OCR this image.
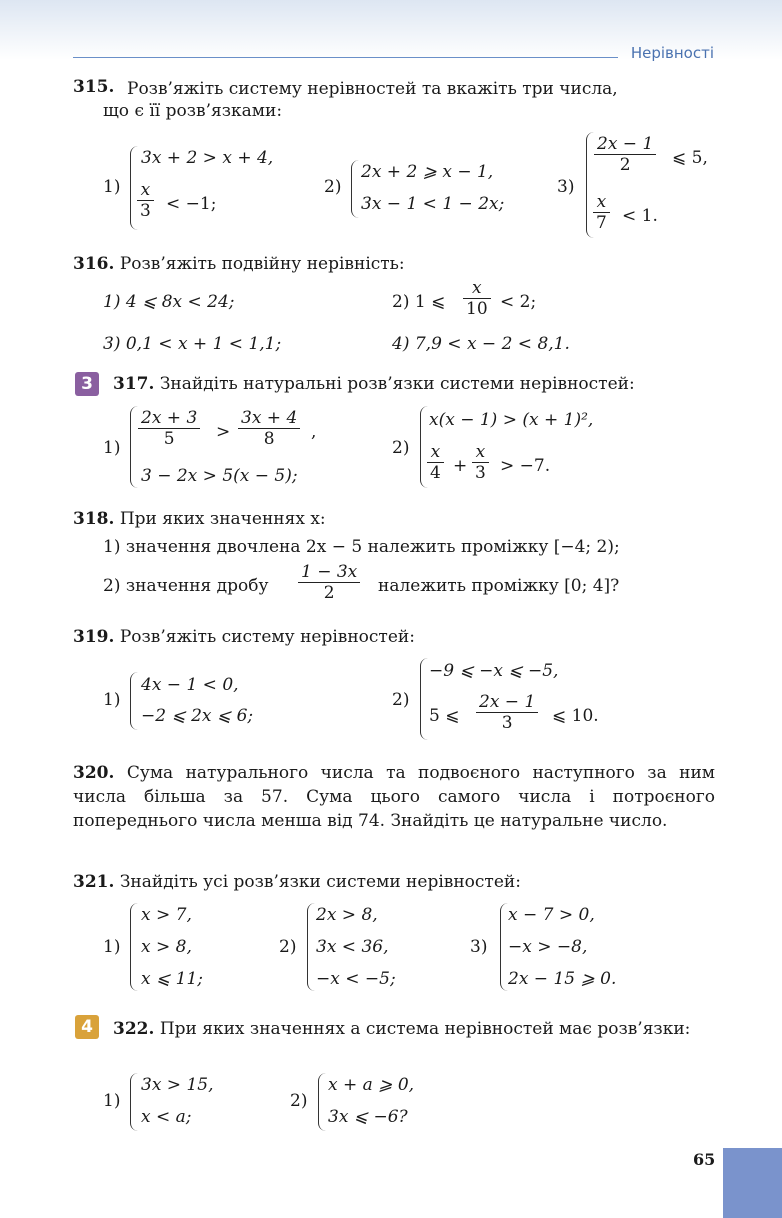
Нерівності
315. Розв’яжіть систему нерівностей та вкажіть три числа,

що є її розв’язками:
1)
3x + 2 > x + 4,
$\frac{x}{3} < -1$;
2)
2x + 2 ⩾ x − 1,
3x − 1 < 1 − 2x;
3)
$\frac{2x - 1}{2}$ ⩽ 5,
$\frac{x}{7} < 1$.
316. Розв’яжіть подвійну нерівність:
1) 4 ⩽ 8x < 24;	2) 1 ⩽ $\frac{x}{10} < 2$;
3) 0,1 < x + 1 < 1,1;	4) 7,9 < x − 2 < 8,1.
3	317. Знайдіть натуральні розв’язки системи нерівностей:
$1) \frac{2x + 3}{5} > \frac{3x + 4}{8}$ ,
3 − 2x > 5(x − 5);
2)
x(x − 1) > (x + 1)²,
$\frac{x}{4} + \frac{x}{3} > -7$.
318. При яких значеннях x:
1) значення двочлена 2x − 5 належить проміжку [−4; 2);
2) значення дробу $\frac{1 - 3x}{2}$ належить проміжку [0; 4]?
319. Розв’яжіть систему нерівностей:
1)
4x − 1 < 0,
−2 ⩽ 2x ⩽ 6;
2)
−9 ⩽ −x ⩽ −5,
5 ⩽ $\frac{2x - 1}{3}$ ⩽ 10.

320. Сума натурального числа та подвоєного наступного за ним числа більша за 57. Сума цього самого числа і потроєного попереднього числа менша від 74. Знайдіть це натуральне число.

321. Знайдіть усі розв’язки системи нерівностей:
1)
x > 7,
x > 8,
x ⩽ 11;
2)
2x > 8,
3x < 36,
−x < −5;
3)
x − 7 > 0,
−x > −8,
2x − 15 ⩾ 0.
4	322. При яких значеннях a система нерівностей має розв’язки:

1)
3x > 15,
x < a;
2)
x + a ⩾ 0,
3x ⩽ −6?
65
